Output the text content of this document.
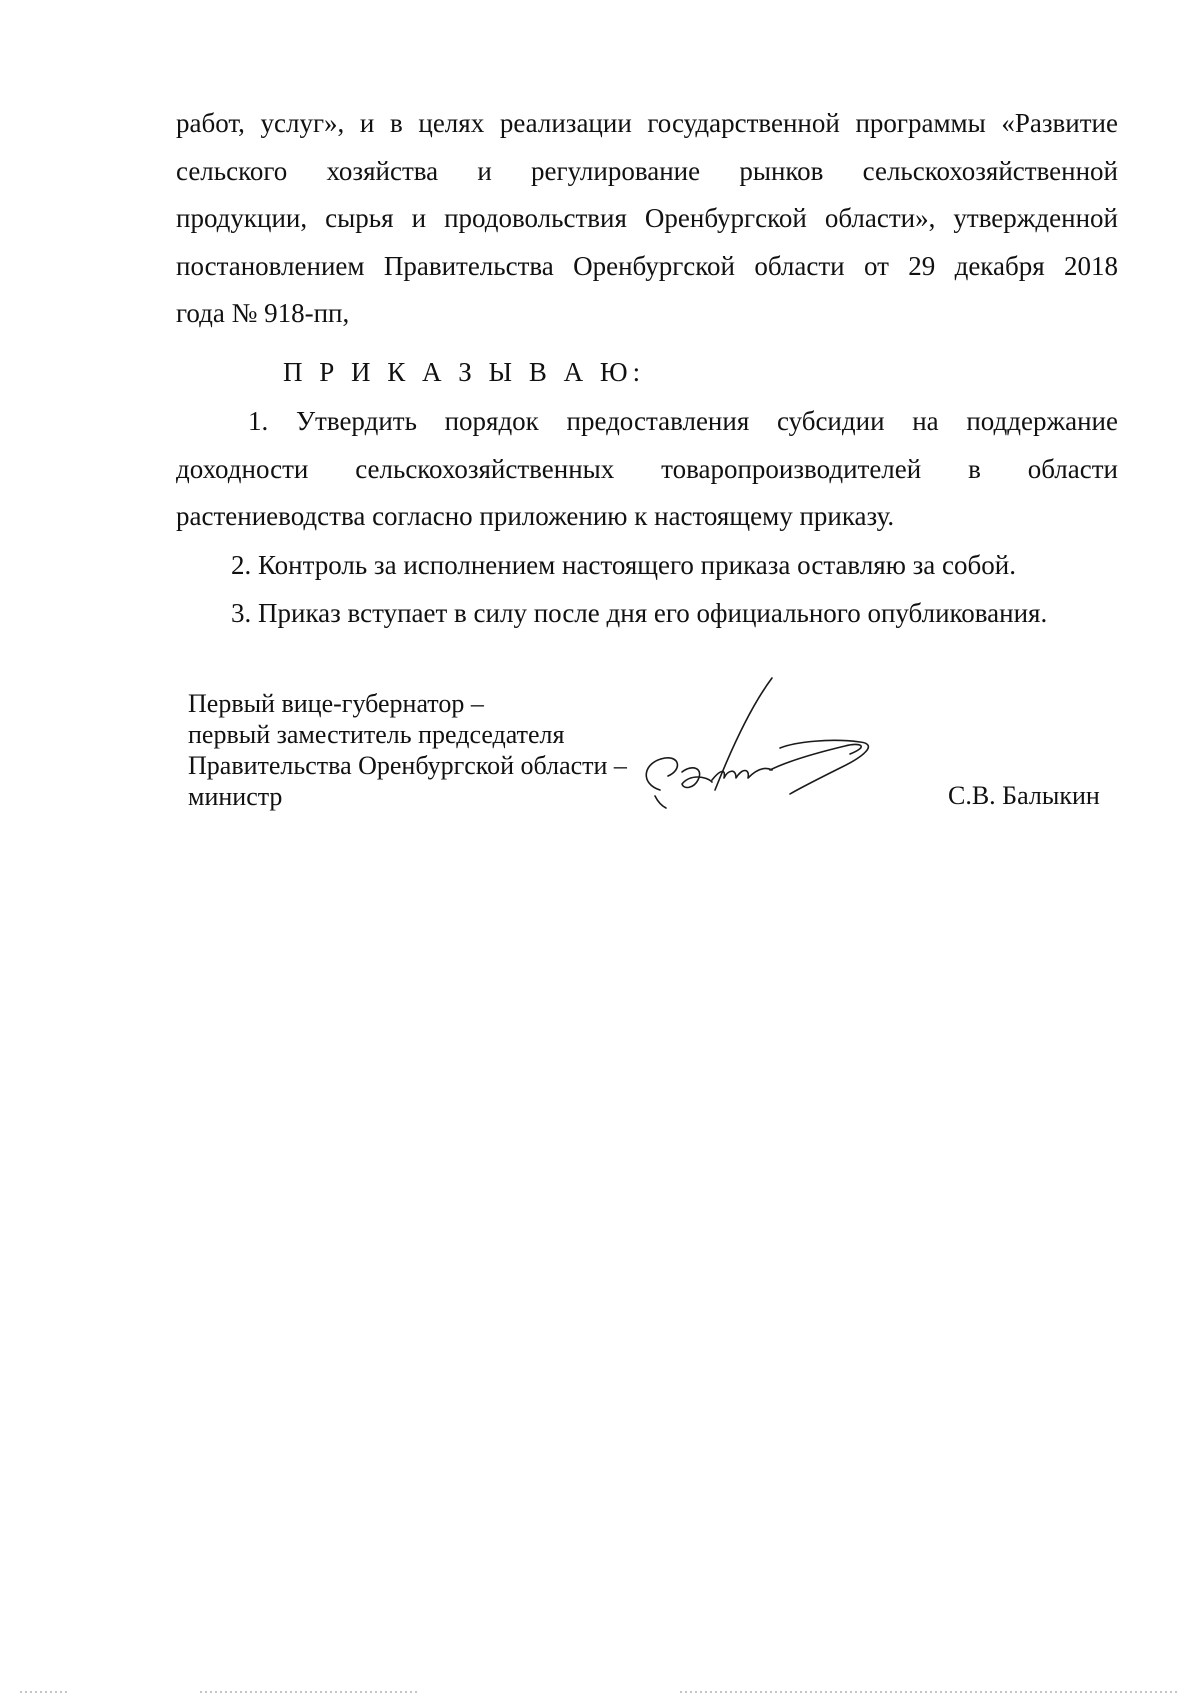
работ, услуг», и в целях реализации государственной программы «Развитие
сельского хозяйства и регулирование рынков сельскохозяйственной
продукции, сырья и продовольствия Оренбургской области», утвержденной
постановлением Правительства Оренбургской области от 29 декабря 2018
года № 918-пп,
П Р И К А З Ы В А Ю:
1. Утвердить порядок предоставления субсидии на поддержание
доходности сельскохозяйственных товаропроизводителей в области
растениеводства согласно приложению к настоящему приказу.
2. Контроль за исполнением настоящего приказа оставляю за собой.
3. Приказ вступает в силу после дня его официального опубликования.
Первый вице-губернатор –
первый заместитель председателя
Правительства Оренбургской области –
министр	С.В. Балыкин
